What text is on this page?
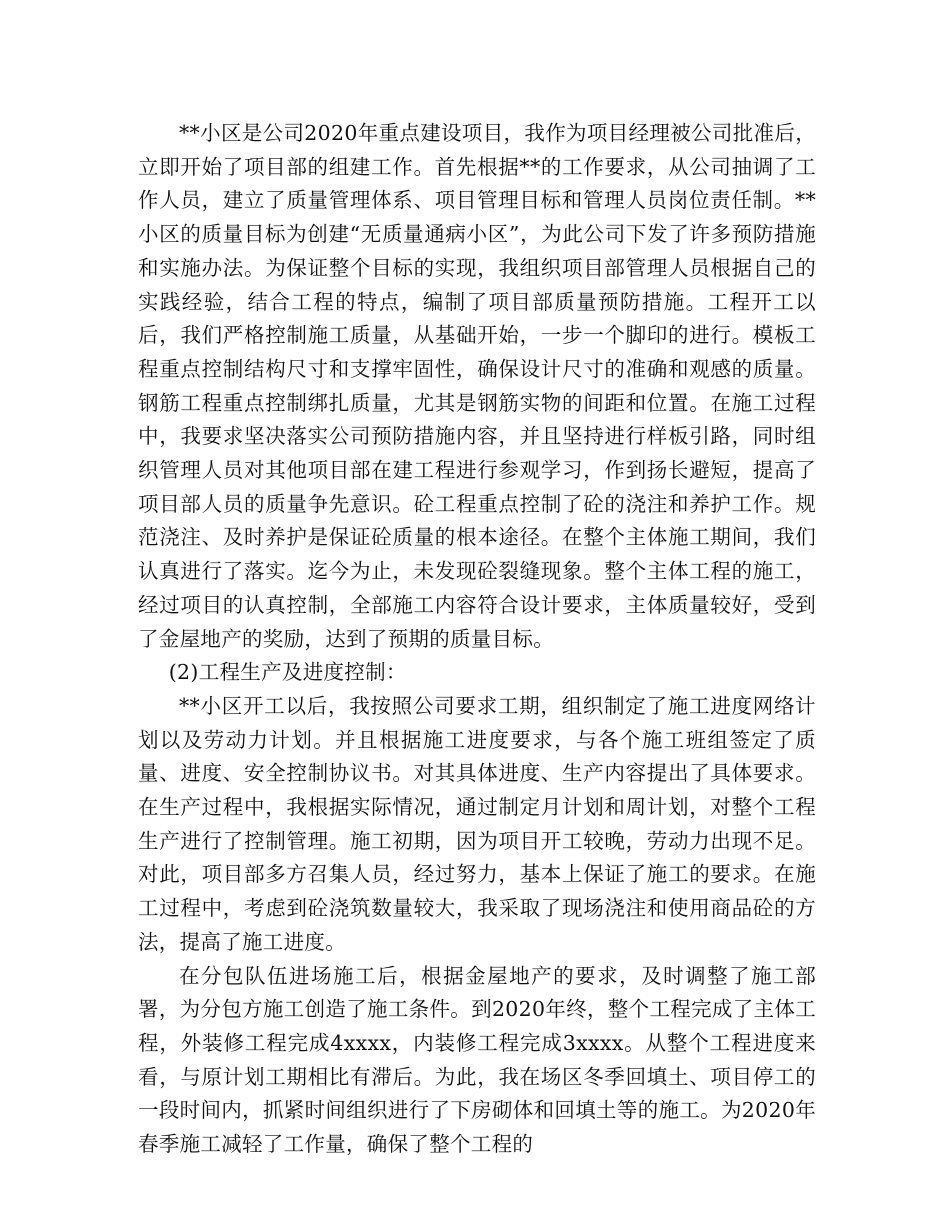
**小区是公司2020年重点建设项目，我作为项目经理被公司批准后，立即开始了项目部的组建工作。首先根据**的工作要求，从公司抽调了工作人员，建立了质量管理体系、项目管理目标和管理人员岗位责任制。**小区的质量目标为创建“无质量通病小区”，为此公司下发了许多预防措施和实施办法。为保证整个目标的实现，我组织项目部管理人员根据自己的实践经验，结合工程的特点，编制了项目部质量预防措施。工程开工以后，我们严格控制施工质量，从基础开始，一步一个脚印的进行。模板工程重点控制结构尺寸和支撑牢固性，确保设计尺寸的准确和观感的质量。钢筋工程重点控制绑扎质量，尤其是钢筋实物的间距和位置。在施工过程中，我要求坚决落实公司预防措施内容，并且坚持进行样板引路，同时组织管理人员对其他项目部在建工程进行参观学习，作到扬长避短，提高了项目部人员的质量争先意识。砼工程重点控制了砼的浇注和养护工作。规范浇注、及时养护是保证砼质量的根本途径。在整个主体施工期间，我们认真进行了落实。迄今为止，未发现砼裂缝现象。整个主体工程的施工，经过项目的认真控制，全部施工内容符合设计要求，主体质量较好，受到了金屋地产的奖励，达到了预期的质量目标。

(2)工程生产及进度控制：

**小区开工以后，我按照公司要求工期，组织制定了施工进度网络计划以及劳动力计划。并且根据施工进度要求，与各个施工班组签定了质量、进度、安全控制协议书。对其具体进度、生产内容提出了具体要求。在生产过程中，我根据实际情况，通过制定月计划和周计划，对整个工程生产进行了控制管理。施工初期，因为项目开工较晚，劳动力出现不足。对此，项目部多方召集人员，经过努力，基本上保证了施工的要求。在施工过程中，考虑到砼浇筑数量较大，我采取了现场浇注和使用商品砼的方法，提高了施工进度。

在分包队伍进场施工后，根据金屋地产的要求，及时调整了施工部署，为分包方施工创造了施工条件。到2020年终，整个工程完成了主体工程，外装修工程完成4xxxx，内装修工程完成3xxxx。从整个工程进度来看，与原计划工期相比有滞后。为此，我在场区冬季回填土、项目停工的一段时间内，抓紧时间组织进行了下房砌体和回填土等的施工。为2020年春季施工减轻了工作量，确保了整个工程的
